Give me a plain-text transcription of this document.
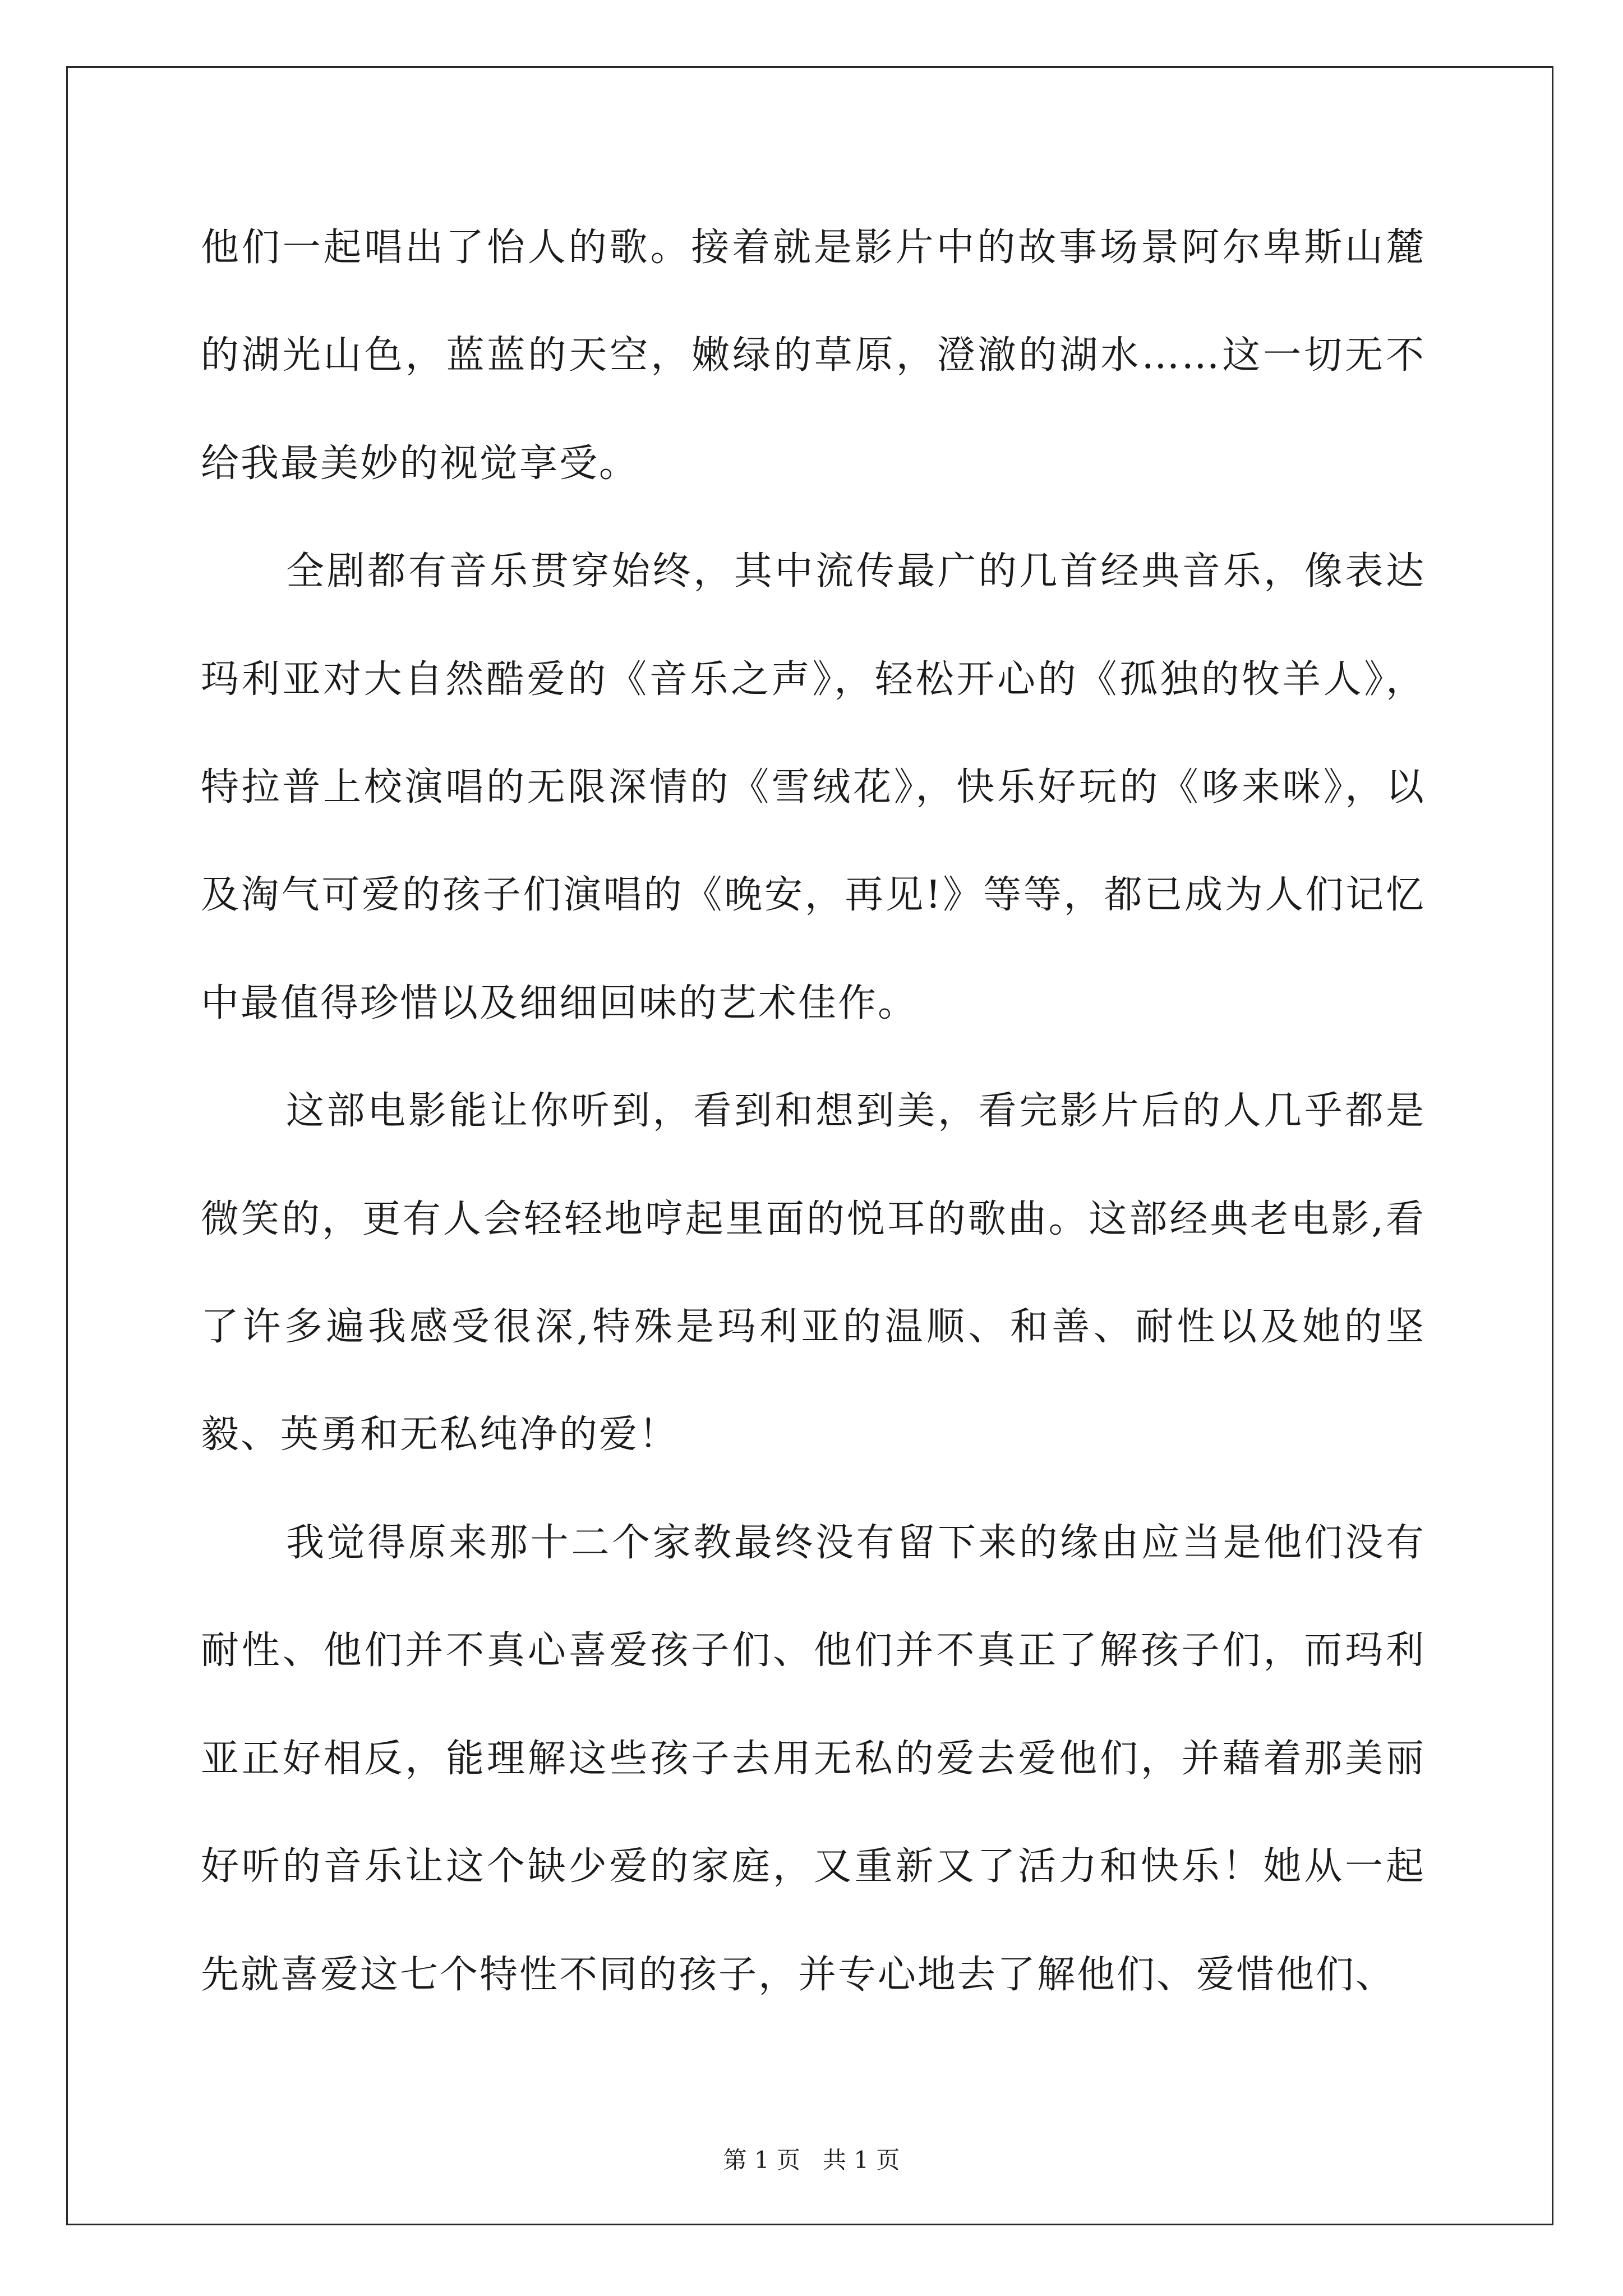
他们一起唱出了怡人的歌。接着就是影片中的故事场景阿尔卑斯山麓的湖光山色，蓝蓝的天空，嫩绿的草原，澄澈的湖水……这一切无不给我最美妙的视觉享受。

全剧都有音乐贯穿始终，其中流传最广的几首经典音乐，像表达玛利亚对大自然酷爱的《音乐之声》，轻松开心的《孤独的牧羊人》，特拉普上校演唱的无限深情的《雪绒花》，快乐好玩的《哆来咪》，以及淘气可爱的孩子们演唱的《晚安，再见!》等等，都已成为人们记忆中最值得珍惜以及细细回味的艺术佳作。

这部电影能让你听到，看到和想到美，看完影片后的人几乎都是微笑的，更有人会轻轻地哼起里面的悦耳的歌曲。这部经典老电影,看了许多遍我感受很深,特殊是玛利亚的温顺、和善、耐性以及她的坚毅、英勇和无私纯净的爱！

我觉得原来那十二个家教最终没有留下来的缘由应当是他们没有耐性、他们并不真心喜爱孩子们、他们并不真正了解孩子们，而玛利亚正好相反，能理解这些孩子去用无私的爱去爱他们，并藉着那美丽好听的音乐让这个缺少爱的家庭，又重新又了活力和快乐！她从一起先就喜爱这七个特性不同的孩子，并专心地去了解他们、爱惜他们、

第 1 页 共 1 页
